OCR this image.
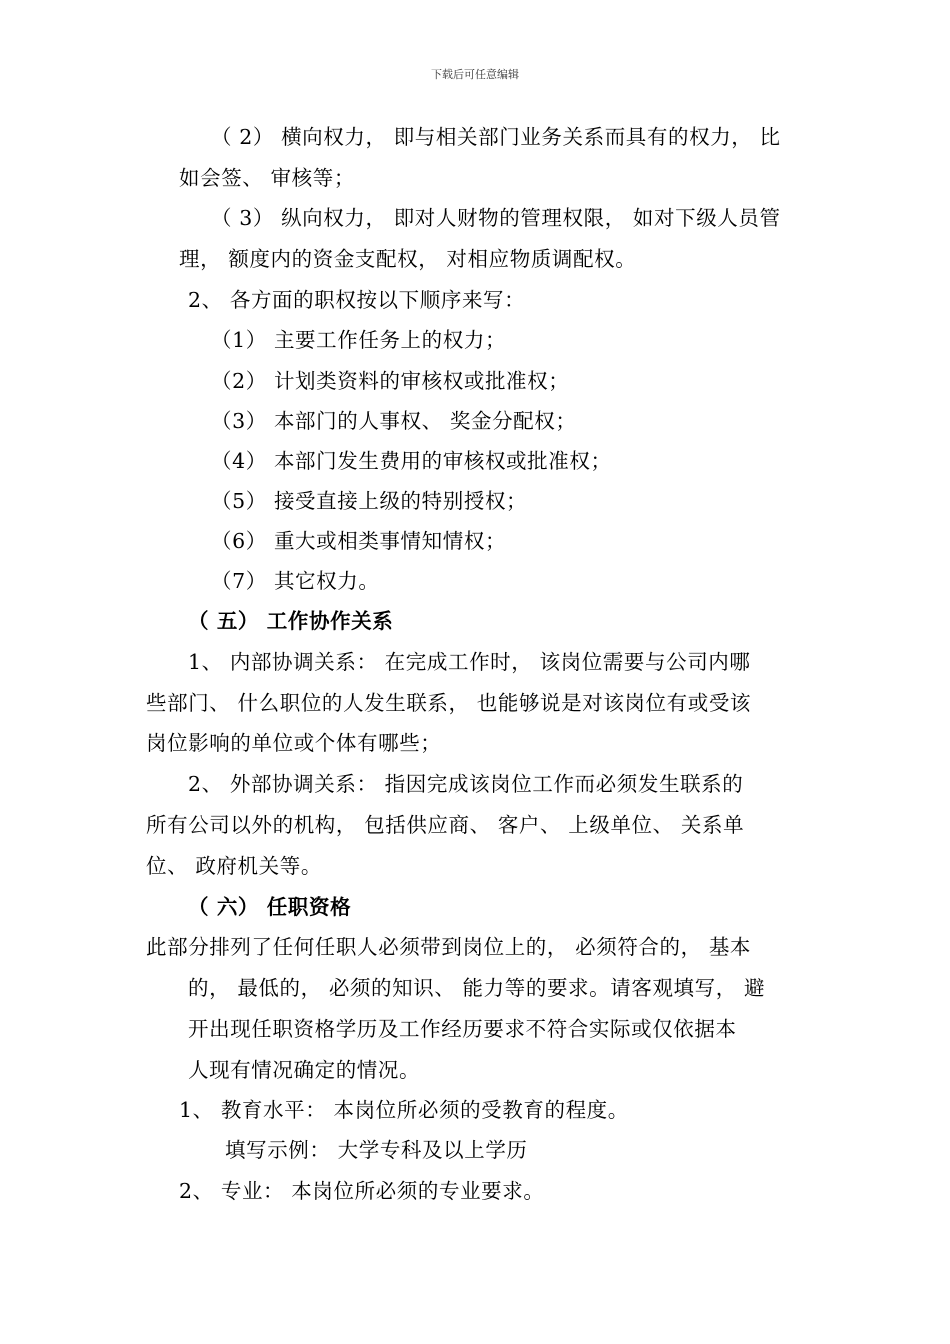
下载后可任意编辑
（ 2） 横向权力， 即与相关部门业务关系而具有的权力， 比
如会签、 审核等；
（ 3） 纵向权力， 即对人财物的管理权限， 如对下级人员管
理， 额度内的资金支配权， 对相应物质调配权。
2、 各方面的职权按以下顺序来写：
（1） 主要工作任务上的权力；
（2） 计划类资料的审核权或批准权；
（3） 本部门的人事权、 奖金分配权；
（4） 本部门发生费用的审核权或批准权；
（5） 接受直接上级的特别授权；
（6） 重大或相类事情知情权；
（7） 其它权力。
（ 五） 工作协作关系
1、 内部协调关系： 在完成工作时， 该岗位需要与公司内哪
些部门、 什么职位的人发生联系， 也能够说是对该岗位有或受该
岗位影响的单位或个体有哪些；
2、 外部协调关系： 指因完成该岗位工作而必须发生联系的
所有公司以外的机构， 包括供应商、 客户、 上级单位、 关系单
位、 政府机关等。
（ 六） 任职资格
此部分排列了任何任职人必须带到岗位上的， 必须符合的， 基本
的， 最低的， 必须的知识、 能力等的要求。请客观填写， 避
开出现任职资格学历及工作经历要求不符合实际或仅依据本
人现有情况确定的情况。
1、 教育水平： 本岗位所必须的受教育的程度。
填写示例： 大学专科及以上学历
2、 专业： 本岗位所必须的专业要求。
